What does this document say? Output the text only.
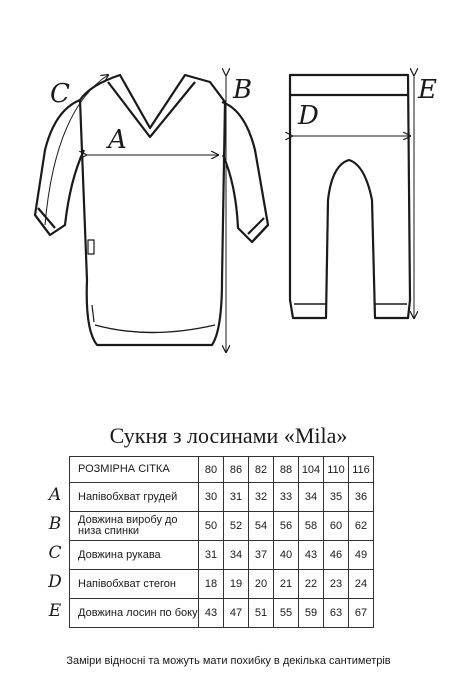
A
B
C
D
E
Сукня з лосинами «Mila»
A
B
C
D
E
РОЗМІРНА СІТКА	80	86	82	88	104	110	116
Напівобхват грудей	30	31	32	33	34	35	36
Довжина виробу до низа спинки	50	52	54	56	58	60	62
Довжина рукава	31	34	37	40	43	46	49
Напівобхват стегон	18	19	20	21	22	23	24
Довжина лосин по боку	43	47	51	55	59	63	67
Заміри відносні та можуть мати похибку в декілька сантиметрів
